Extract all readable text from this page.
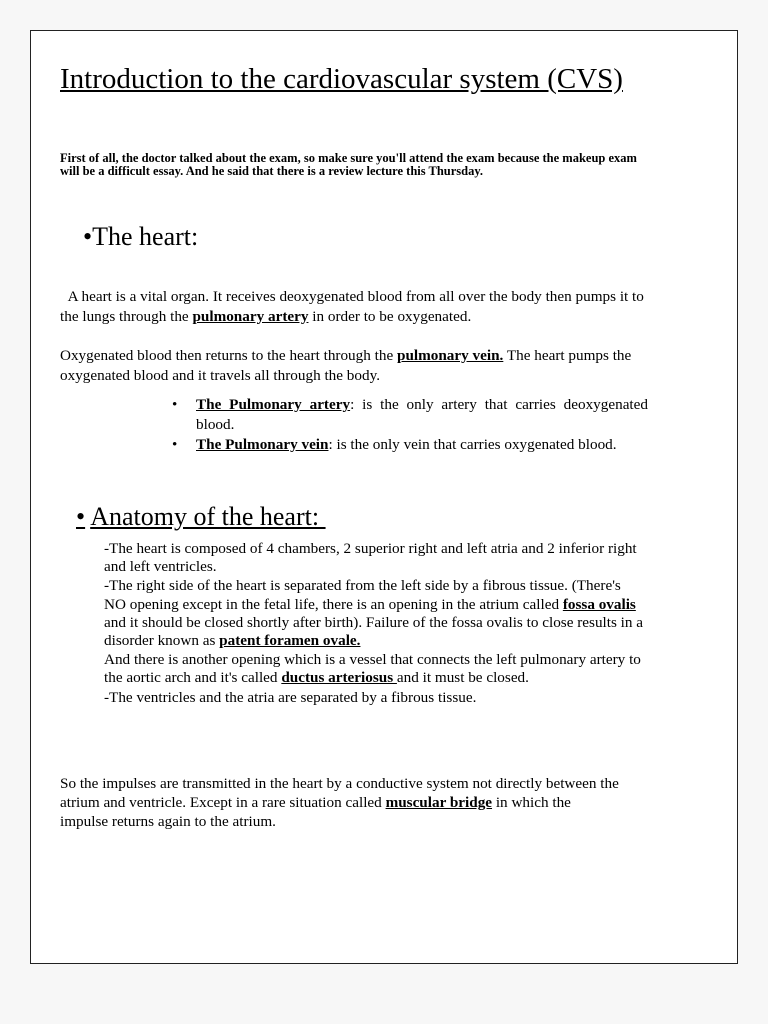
Introduction to the cardiovascular system (CVS)

First of all, the doctor talked about the exam, so make sure you'll attend the exam because the makeup exam will be a difficult essay. And he said that there is a review lecture this Thursday.

•The heart:

A heart is a vital organ. It receives deoxygenated blood from all over the body then pumps it to the lungs through the pulmonary artery in order to be oxygenated.

Oxygenated blood then returns to the heart through the pulmonary vein. The heart pumps the oxygenated blood and it travels all through the body.

• The Pulmonary artery: is the only artery that carries deoxygenated blood.
• The Pulmonary vein: is the only vein that carries oxygenated blood.
• Anatomy of the heart:

-The heart is composed of 4 chambers, 2 superior right and left atria and 2 inferior right and left ventricles.

-The right side of the heart is separated from the left side by a fibrous tissue. (There's NO opening except in the fetal life, there is an opening in the atrium called fossa ovalis and it should be closed shortly after birth). Failure of the fossa ovalis to close results in a disorder known as patent foramen ovale.

And there is another opening which is a vessel that connects the left pulmonary artery to the aortic arch and it's called ductus arteriosus and it must be closed.

-The ventricles and the atria are separated by a fibrous tissue.

So the impulses are transmitted in the heart by a conductive system not directly between the atrium and ventricle. Except in a rare situation called muscular bridge in which the impulse returns again to the atrium.
